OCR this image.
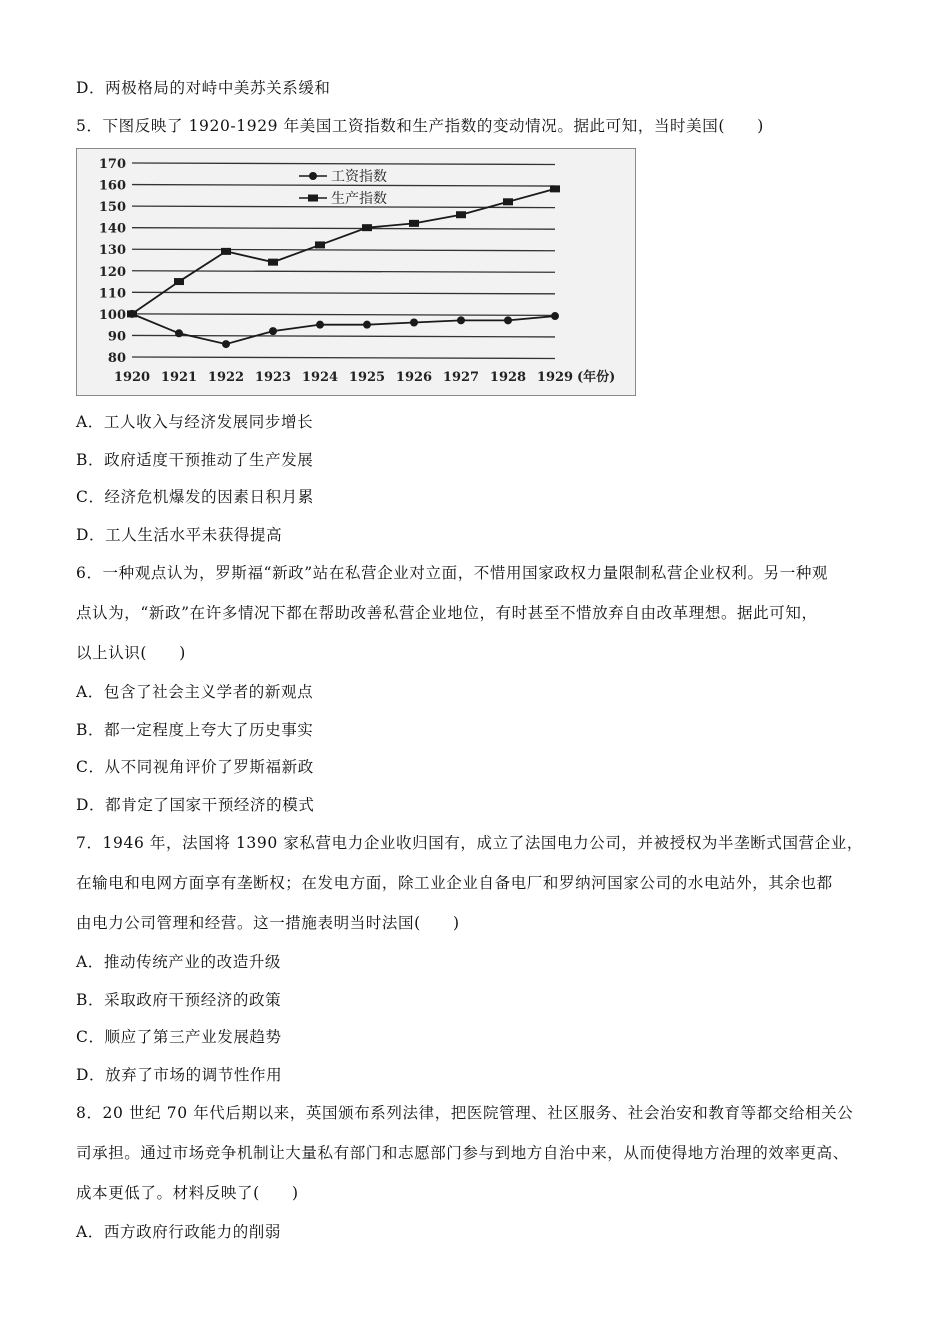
D．两极格局的对峙中美苏关系缓和
5．下图反映了 1920-1929 年美国工资指数和生产指数的变动情况。据此可知，当时美国(　　)
A．工人收入与经济发展同步增长
B．政府适度干预推动了生产发展
C．经济危机爆发的因素日积月累
D．工人生活水平未获得提高
6．一种观点认为，罗斯福“新政”站在私营企业对立面，不惜用国家政权力量限制私营企业权利。另一种观
点认为，“新政”在许多情况下都在帮助改善私营企业地位，有时甚至不惜放弃自由改革理想。据此可知，
以上认识(　　)
A．包含了社会主义学者的新观点
B．都一定程度上夸大了历史事实
C．从不同视角评价了罗斯福新政
D．都肯定了国家干预经济的模式
7．1946 年，法国将 1390 家私营电力企业收归国有，成立了法国电力公司，并被授权为半垄断式国营企业，
在输电和电网方面享有垄断权；在发电方面，除工业企业自备电厂和罗纳河国家公司的水电站外，其余也都
由电力公司管理和经营。这一措施表明当时法国(　　)
A．推动传统产业的改造升级
B．采取政府干预经济的政策
C．顺应了第三产业发展趋势
D．放弃了市场的调节性作用
8．20 世纪 70 年代后期以来，英国颁布系列法律，把医院管理、社区服务、社会治安和教育等都交给相关公
司承担。通过市场竞争机制让大量私有部门和志愿部门参与到地方自治中来，从而使得地方治理的效率更高、
成本更低了。材料反映了(　　)
A．西方政府行政能力的削弱
80
90
100
110
120
130
140
150
160
170
1920 1921 1922 1923 1924 1925 1926 1927 1928 1929 (年份)
工资指数
生产指数
